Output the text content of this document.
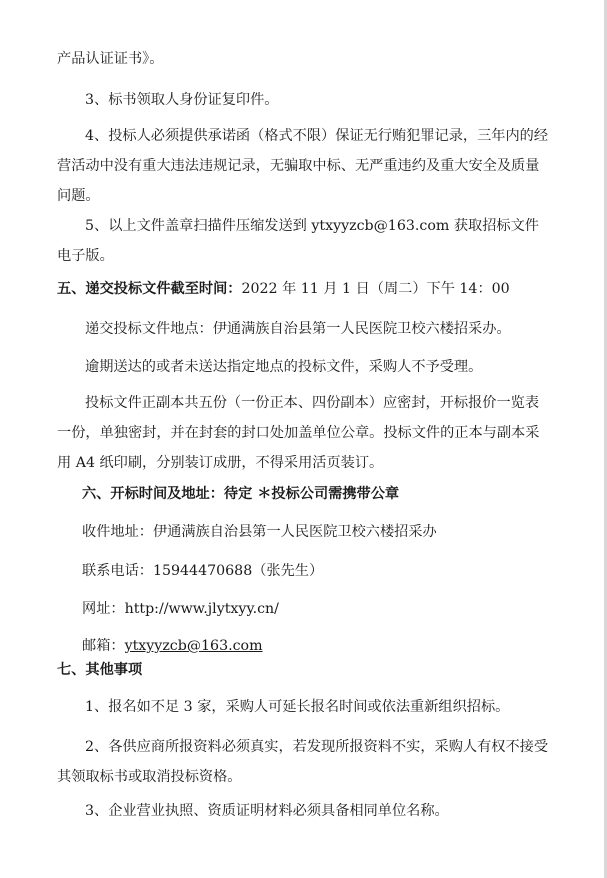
产品认证证书》。

3、标书领取人身份证复印件。

4、投标人必须提供承诺函（格式不限）保证无行贿犯罪记录，三年内的经营活动中没有重大违法违规记录，无骗取中标、无严重违约及重大安全及质量问题。

5、以上文件盖章扫描件压缩发送到 ytxyyzcb@163.com 获取招标文件电子版。

五、递交投标文件截至时间：2022 年 11 月 1 日（周二）下午 14：00

递交投标文件地点：伊通满族自治县第一人民医院卫校六楼招采办。

逾期送达的或者未送达指定地点的投标文件，采购人不予受理。

投标文件正副本共五份（一份正本、四份副本）应密封，开标报价一览表一份，单独密封，并在封套的封口处加盖单位公章。投标文件的正本与副本采用 A4 纸印刷，分别装订成册，不得采用活页装订。

六、开标时间及地址：待定 ＊投标公司需携带公章

收件地址：伊通满族自治县第一人民医院卫校六楼招采办

联系电话：15944470688（张先生）

网址：http://www.jlytxyy.cn/

邮箱：ytxyyzcb@163.com

七、其他事项

1、报名如不足 3 家，采购人可延长报名时间或依法重新组织招标。

2、各供应商所报资料必须真实，若发现所报资料不实，采购人有权不接受其领取标书或取消投标资格。

3、企业营业执照、资质证明材料必须具备相同单位名称。
